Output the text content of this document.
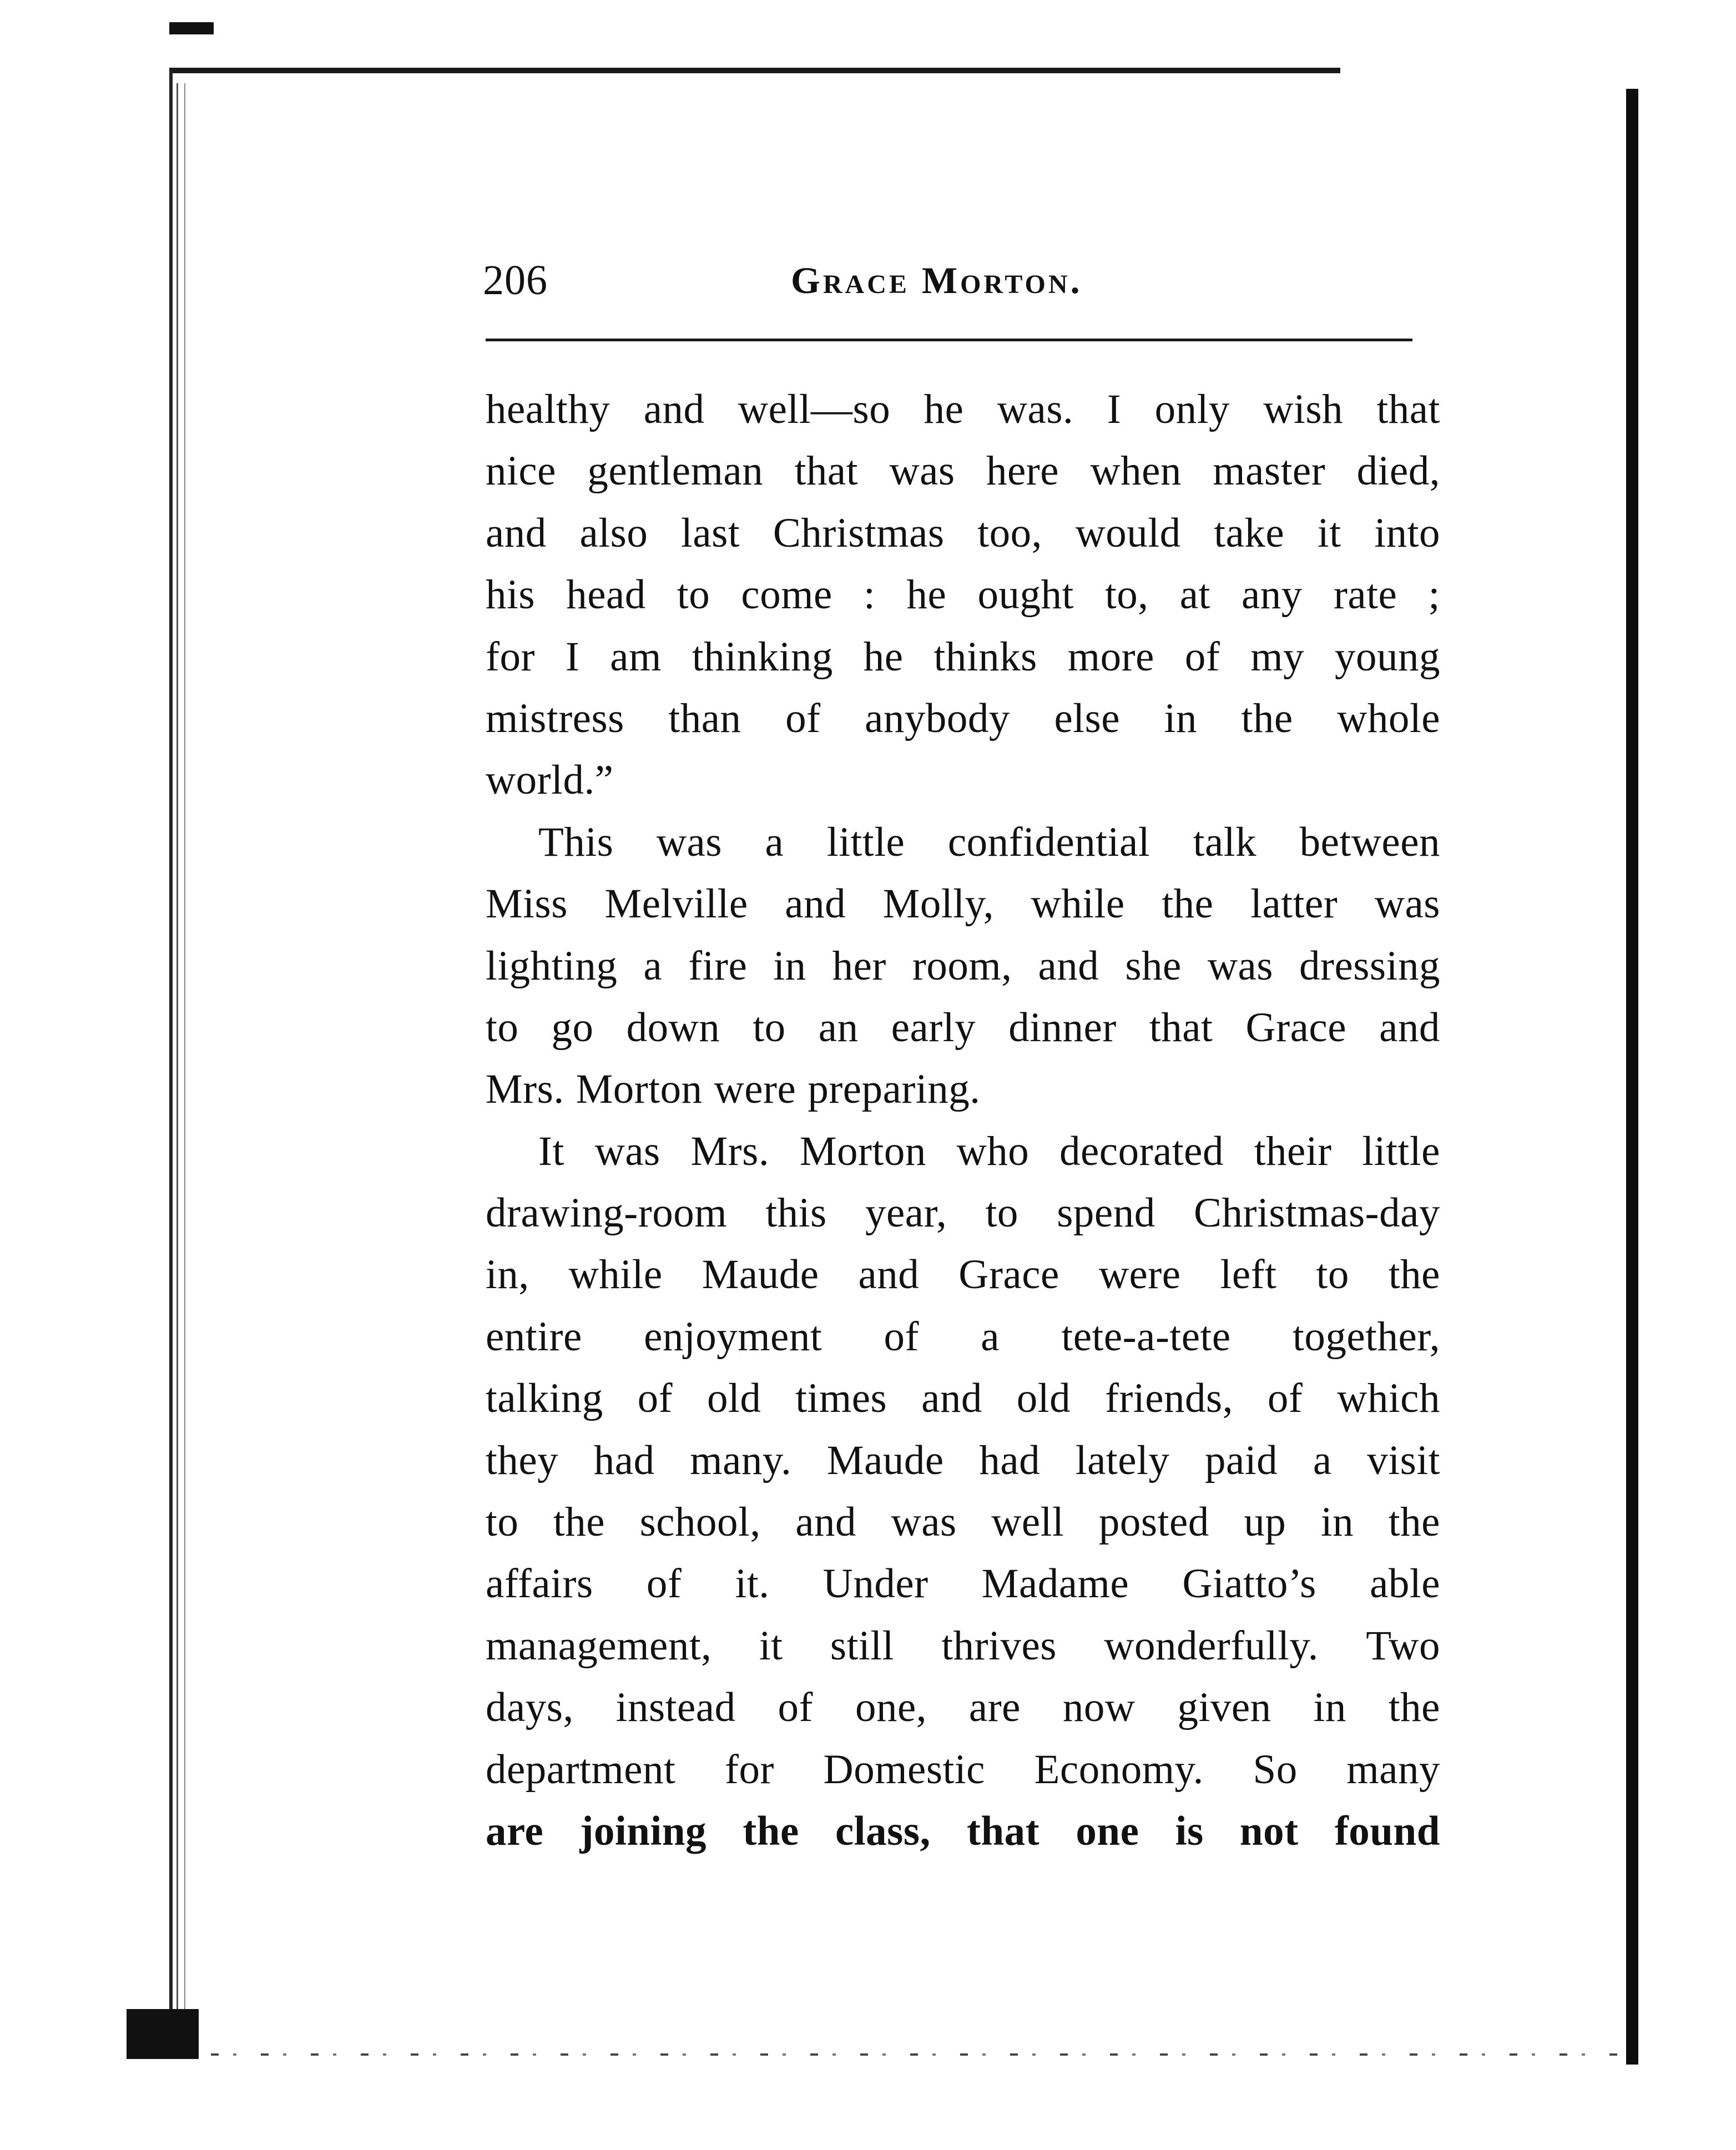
206	Grace Morton.
healthy and well—so he was. I only wish that
nice gentleman that was here when master died,
and also last Christmas too, would take it into
his head to come : he ought to, at any rate ;
for I am thinking he thinks more of my young
mistress than of anybody else in the whole
world.”
This was a little confidential talk between
Miss Melville and Molly, while the latter was
lighting a fire in her room, and she was dressing
to go down to an early dinner that Grace and
Mrs. Morton were preparing.
It was Mrs. Morton who decorated their little
drawing-room this year, to spend Christmas-day
in, while Maude and Grace were left to the
entire enjoyment of a tete-a-tete together,
talking of old times and old friends, of which
they had many. Maude had lately paid a visit
to the school, and was well posted up in the
affairs of it. Under Madame Giatto’s able
management, it still thrives wonderfully. Two
days, instead of one, are now given in the
department for Domestic Economy. So many
are joining the class, that one is not found
